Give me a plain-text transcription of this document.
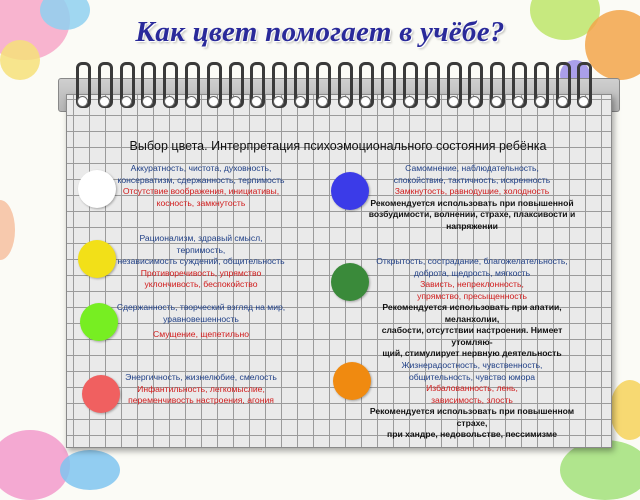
Как цвет помогает в учёбе?
Выбор цвета. Интерпретация психоэмоционального состояния ребёнка
Аккуратность, чистота, духовность,
консерватизм, сдержанность, терпимость
Отсутствие воображения, инициативы,
косность, замкнутость
Рационализм, здравый смысл, терпимость,
независимость суждений, общительность
Противоречивость, упрямство
уклончивость, беспокойство
Сдержанность, творческий взгляд на мир,
уравновешенность
Смущение, щепетильно
Энергичность, жизнелюбие, смелость
Инфантильность, легкомыслие,
переменчивость настроения, агония
Самомнение, наблюдательность,
спокойствие, тактичность, искренность
Замкнутость, равнодушие, холодность
Рекомендуется использовать при повышенной
возбудимости, волнении, страхе, плаксивости и
напряжении
Открытость, сострадание, благожелательность,
доброта, щедрость, мягкость
Зависть, непреклонность,
упрямство, пресыщенность
Рекомендуется использовать при апатии, меланхолии,
слабости, отсутствии настроения. Нимеет утомляю-
щий, стимулирует нервную деятельность
Жизнерадостность, чувственность,
общительность, чувство юмора
Избалованность, лень,
зависимость, злость
Рекомендуется использовать при повышенном страхе,
при хандре, недовольстве, пессимизме
